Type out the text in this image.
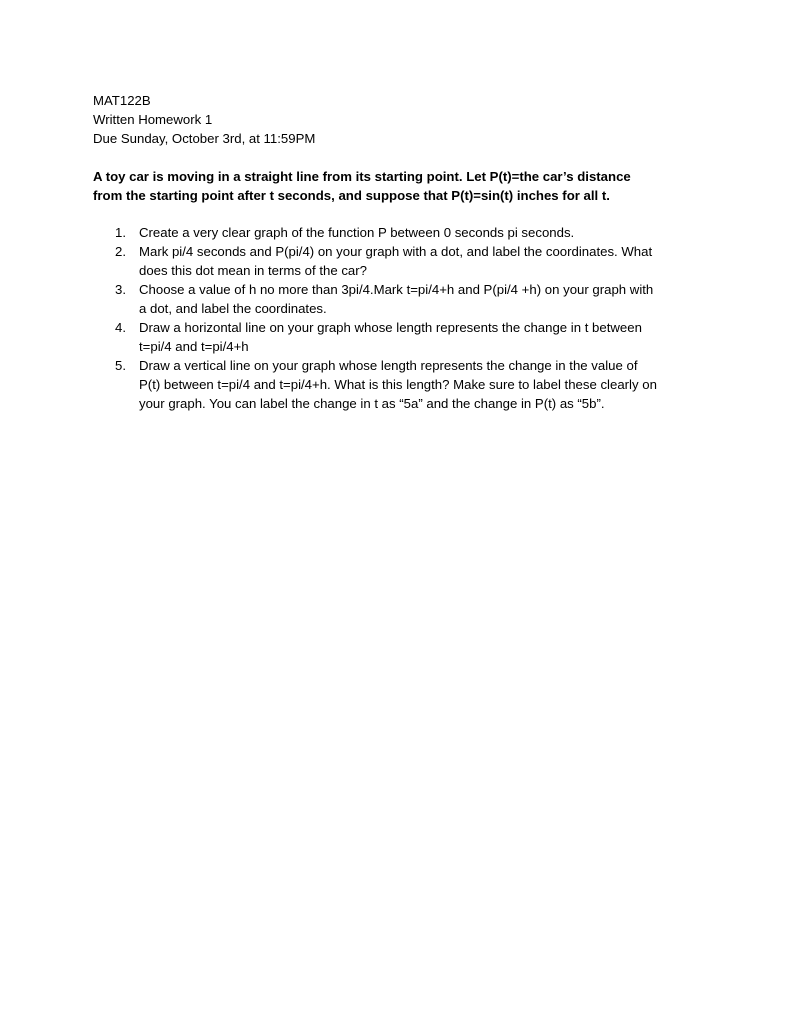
MAT122B
Written Homework 1
Due Sunday, October 3rd, at 11:59PM
A toy car is moving in a straight line from its starting point. Let P(t)=the car’s distance
from the starting point after t seconds, and suppose that P(t)=sin(t) inches for all t.
1. Create a very clear graph of the function P between 0 seconds pi seconds.
2. Mark pi/4 seconds and P(pi/4) on your graph with a dot, and label the coordinates. What
does this dot mean in terms of the car?
3. Choose a value of h no more than 3pi/4.Mark t=pi/4+h and P(pi/4 +h) on your graph with
a dot, and label the coordinates.
4. Draw a horizontal line on your graph whose length represents the change in t between
t=pi/4 and t=pi/4+h
5. Draw a vertical line on your graph whose length represents the change in the value of
P(t) between t=pi/4 and t=pi/4+h. What is this length? Make sure to label these clearly on
your graph. You can label the change in t as “5a” and the change in P(t) as “5b”.
